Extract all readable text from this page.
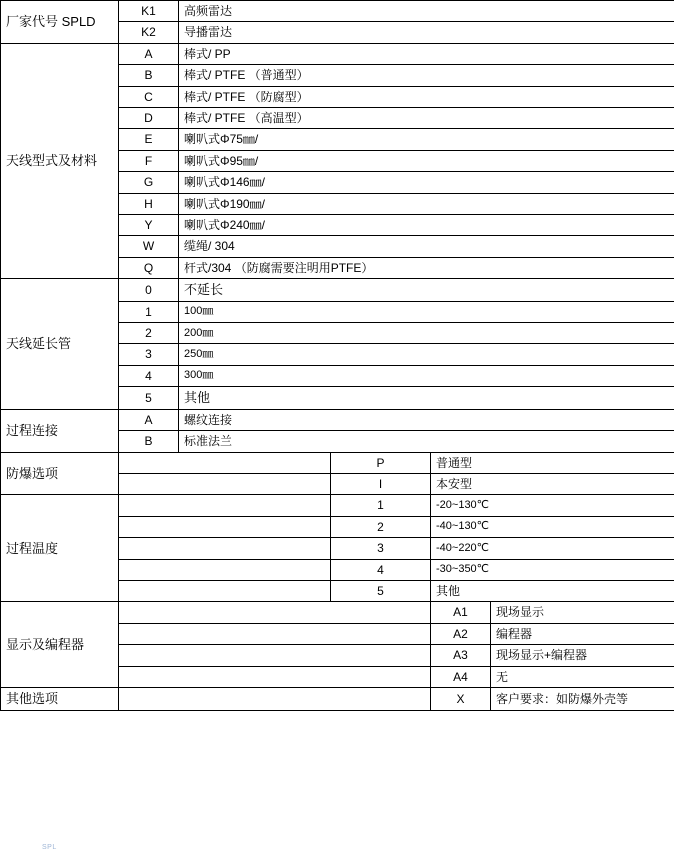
厂家代号 SPLD	K1	高频雷达			
	K2	导播雷达			
天线型式及材料	A	棒式/ PP			
	B	棒式/ PTFE （普通型）			
	C	棒式/ PTFE （防腐型）			
	D	棒式/ PTFE （高温型）			
	E	喇叭式Φ75㎜/			
	F	喇叭式Φ95㎜/			
	G	喇叭式Φ146㎜/			
	H	喇叭式Φ190㎜/			
	Y	喇叭式Φ240㎜/			
	W	缆绳/ 304			
	Q	杆式/304 （防腐需要注明用PTFE）			
天线延长管	0	不延长			
	1	100㎜			
	2	200㎜			
	3	250㎜			
	4	300㎜			
	5	其他			
过程连接	A	螺纹连接			
	B	标准法兰			
防爆选项			P	普通型	
			I	本安型	
过程温度			1	-20~130℃	
			2	-40~130℃	
			3	-40~220℃	
			4	-30~350℃	
			5	其他	
显示及编程器				A1	现场显示
				A2	编程器
				A3	现场显示+编程器
				A4	无
其他选项				X	客户要求：如防爆外壳等
SPL
